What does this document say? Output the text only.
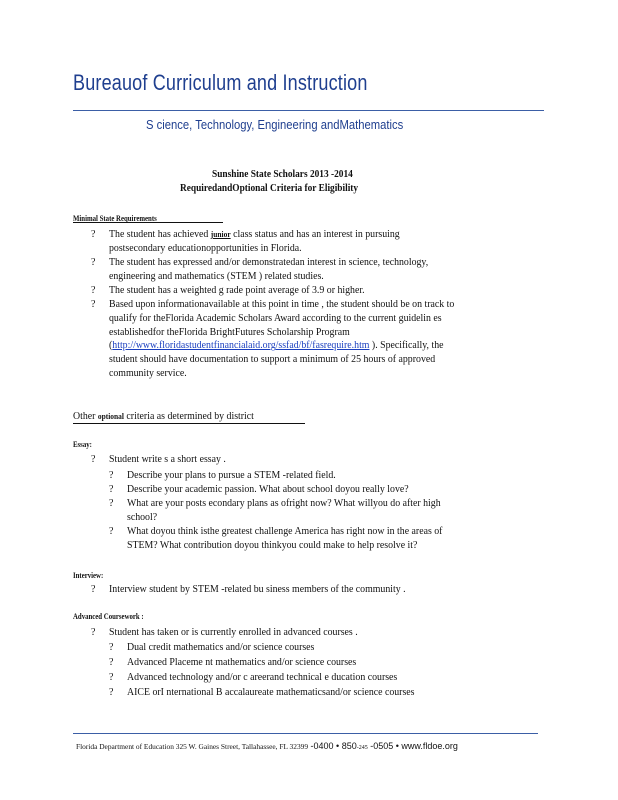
Bureauof Curriculum and Instruction
S cience, Technology, Engineering andMathematics
Sunshine State Scholars 2013 -2014
RequiredandOptional Criteria for Eligibility
Minimal State Requirements
? The student has achieved junior class status and has an interest in pursuing
postsecondary educationopportunities in Florida.
? The student has expressed and/or demonstratedan interest in science, technology,
engineering and mathematics (STEM ) related studies.
? The student has a weighted g rade point average of 3.9 or higher.
? Based upon informationavailable at this point in time , the student should be on track to
qualify for theFlorida Academic Scholars Award according to the current guidelin es
establishedfor theFlorida BrightFutures Scholarship Program
(http://www.floridastudentfinancialaid.org/ssfad/bf/fasrequire.htm ). Specifically, the
student should have documentation to support a minimum of 25 hours of approved
community service.
Other optional criteria as determined by district
Essay:
? Student write s a short essay .
? Describe your plans to pursue a STEM -related field.
? Describe your academic passion. What about school doyou really love?
? What are your posts econdary plans as ofright now? What willyou do after high
school?
? What doyou think isthe greatest challenge America has right now in the areas of
STEM? What contribution doyou thinkyou could make to help resolve it?
Interview:
? Interview student by STEM -related bu siness members of the community .
Advanced Coursework :
? Student has taken or is currently enrolled in advanced courses .
? Dual credit mathematics and/or science courses
? Advanced Placeme nt mathematics and/or science courses
? Advanced technology and/or c areerand technical e ducation courses
? AICE orI nternational B accalaureate mathematicsand/or science courses
Florida Department of Education 325 W. Gaines Street, Tallahassee, FL 32399 -0400 • 850-245 -0505 • www.fldoe.org
